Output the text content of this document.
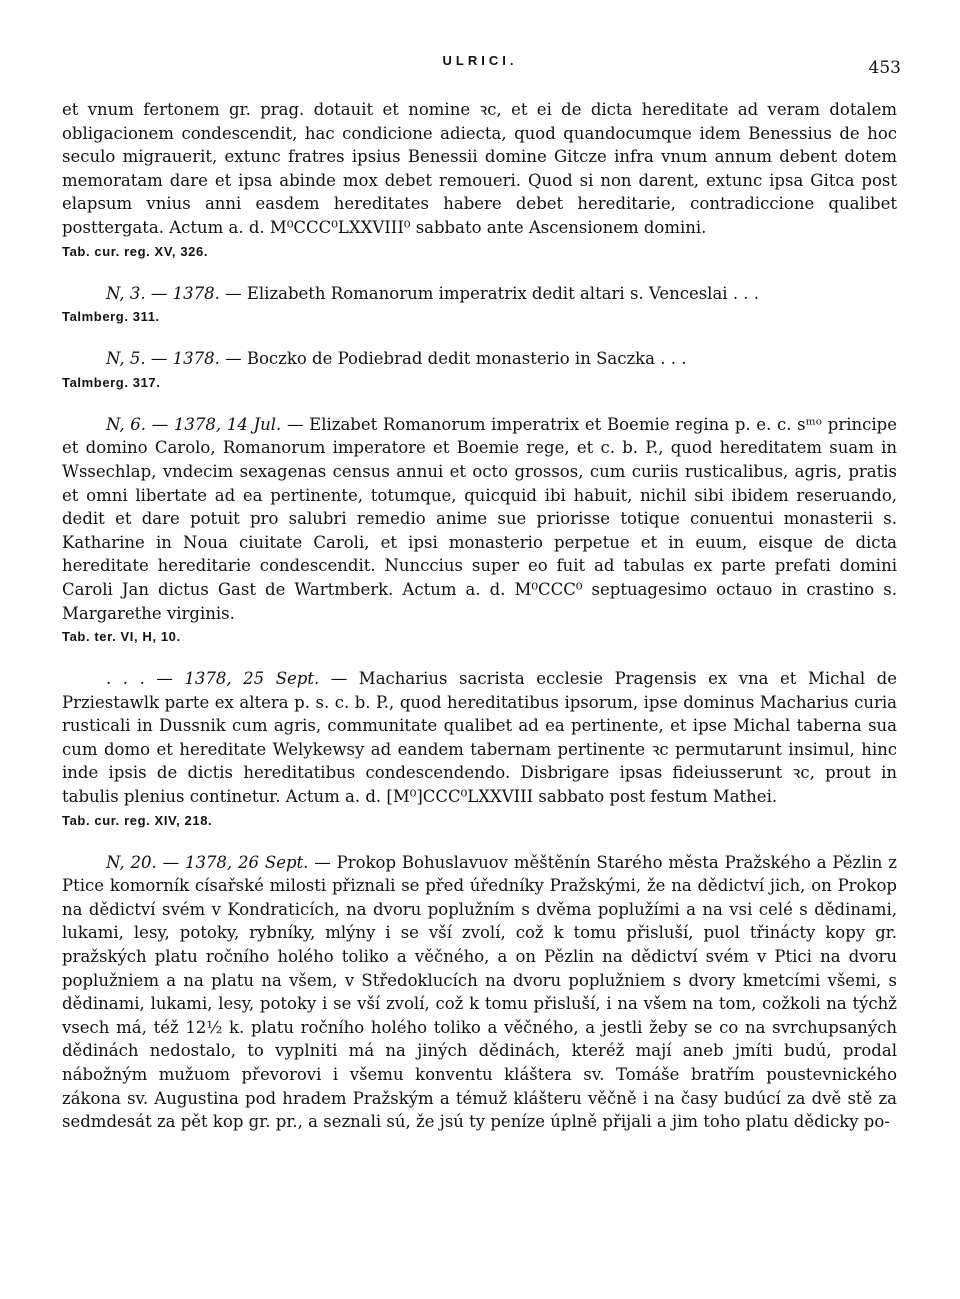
ULRICI.	453

et vnum fertonem gr. prag. dotauit et nomine ꝛc, et ei de dicta hereditate ad veram dotalem obligacionem condescendit, hac condicione adiecta, quod quandocumque idem Benessius de hoc seculo migrauerit, extunc fratres ipsius Benessii domine Gitcze infra vnum annum debent dotem memoratam dare et ipsa abinde mox debet remoueri. Quod si non darent, extunc ipsa Gitca post elapsum vnius anni easdem hereditates habere debet hereditarie, contradiccione qualibet posttergata. Actum a. d. M⁰CCC⁰LXXVIII⁰ sabbato ante Ascensionem domini.

Tab. cur. reg. XV, 326.

N, 3. — 1378. — Elizabeth Romanorum imperatrix dedit altari s. Venceslai . . .

Talmberg. 311.

N, 5. — 1378. — Boczko de Podiebrad dedit monasterio in Saczka . . .

Talmberg. 317.

N, 6. — 1378, 14 Jul. — Elizabet Romanorum imperatrix et Boemie regina p. e. c. sᵐᵒ principe et domino Carolo, Romanorum imperatore et Boemie rege, et c. b. P., quod hereditatem suam in Wssechlap, vndecim sexagenas census annui et octo grossos, cum curiis rusticalibus, agris, pratis et omni libertate ad ea pertinente, totumque, quicquid ibi habuit, nichil sibi ibidem reseruando, dedit et dare potuit pro salubri remedio anime sue priorisse totique conuentui monasterii s. Katharine in Noua ciuitate Caroli, et ipsi monasterio perpetue et in euum, eisque de dicta hereditate hereditarie condescendit. Nunccius super eo fuit ad tabulas ex parte prefati domini Caroli Jan dictus Gast de Wartmberk. Actum a. d. M⁰CCC⁰ septuagesimo octauo in crastino s. Margarethe virginis.

Tab. ter. VI, H, 10.

. . . — 1378, 25 Sept. — Macharius sacrista ecclesie Pragensis ex vna et Michal de Przіestawlk parte ex altera p. s. c. b. P., quod hereditatibus ipsorum, ipse dominus Macharius curia rusticali in Dussnik cum agris, communitate qualibet ad ea pertinente, et ipse Michal taberna sua cum domo et hereditate Welykewsy ad eandem tabernam pertinente ꝛc permutarunt insimul, hinc inde ipsis de dictis hereditatibus condescendendo. Disbrigare ipsas fideiusserunt ꝛc, prout in tabulis plenius continetur. Actum a. d. [M⁰]CCC⁰LXXVIII sabbato post festum Mathei.

Tab. cur. reg. XIV, 218.

N, 20. — 1378, 26 Sept. — Prokop Bohuslavuov měštěnín Starého města Pražského a Pězlin z Ptice komorník císařské milosti přiznali se před úředníky Pražskými, že na dědictví jich, on Prokop na dědictví svém v Kondraticích, na dvoru poplužním s dvěma poplužími a na vsi celé s dědinami, lukami, lesy, potoky, rybníky, mlýny i se vší zvolí, což k tomu přisluší, puol třinácty kopy gr. pražských platu ročního holého toliko a věčného, a on Pězlin na dědictví svém v Ptici na dvoru poplužniem a na platu na všem, v Středoklucích na dvoru poplužniem s dvory kmetcími všemi, s dědinami, lukami, lesy, potoky i se vší zvolí, což k tomu přisluší, i na všem na tom, cožkoli na týchž vsech má, též 12½ k. platu ročního holého toliko a věčného, a jestli žeby se co na svrchupsaných dědinách nedostalo, to vyplniti má na jiných dědinách, kteréž mají aneb jmíti budú, prodal nábožným mužuom převorovi i všemu konventu kláštera sv. Tomáše bratřím poustevnického zákona sv. Augustina pod hradem Pražským a témuž klášteru věčně i na časy budúcí za dvě stě za sedmdesát za pět kop gr. pr., a seznali sú, že jsú ty peníze úplně přijali a jim toho platu dědicky po-
